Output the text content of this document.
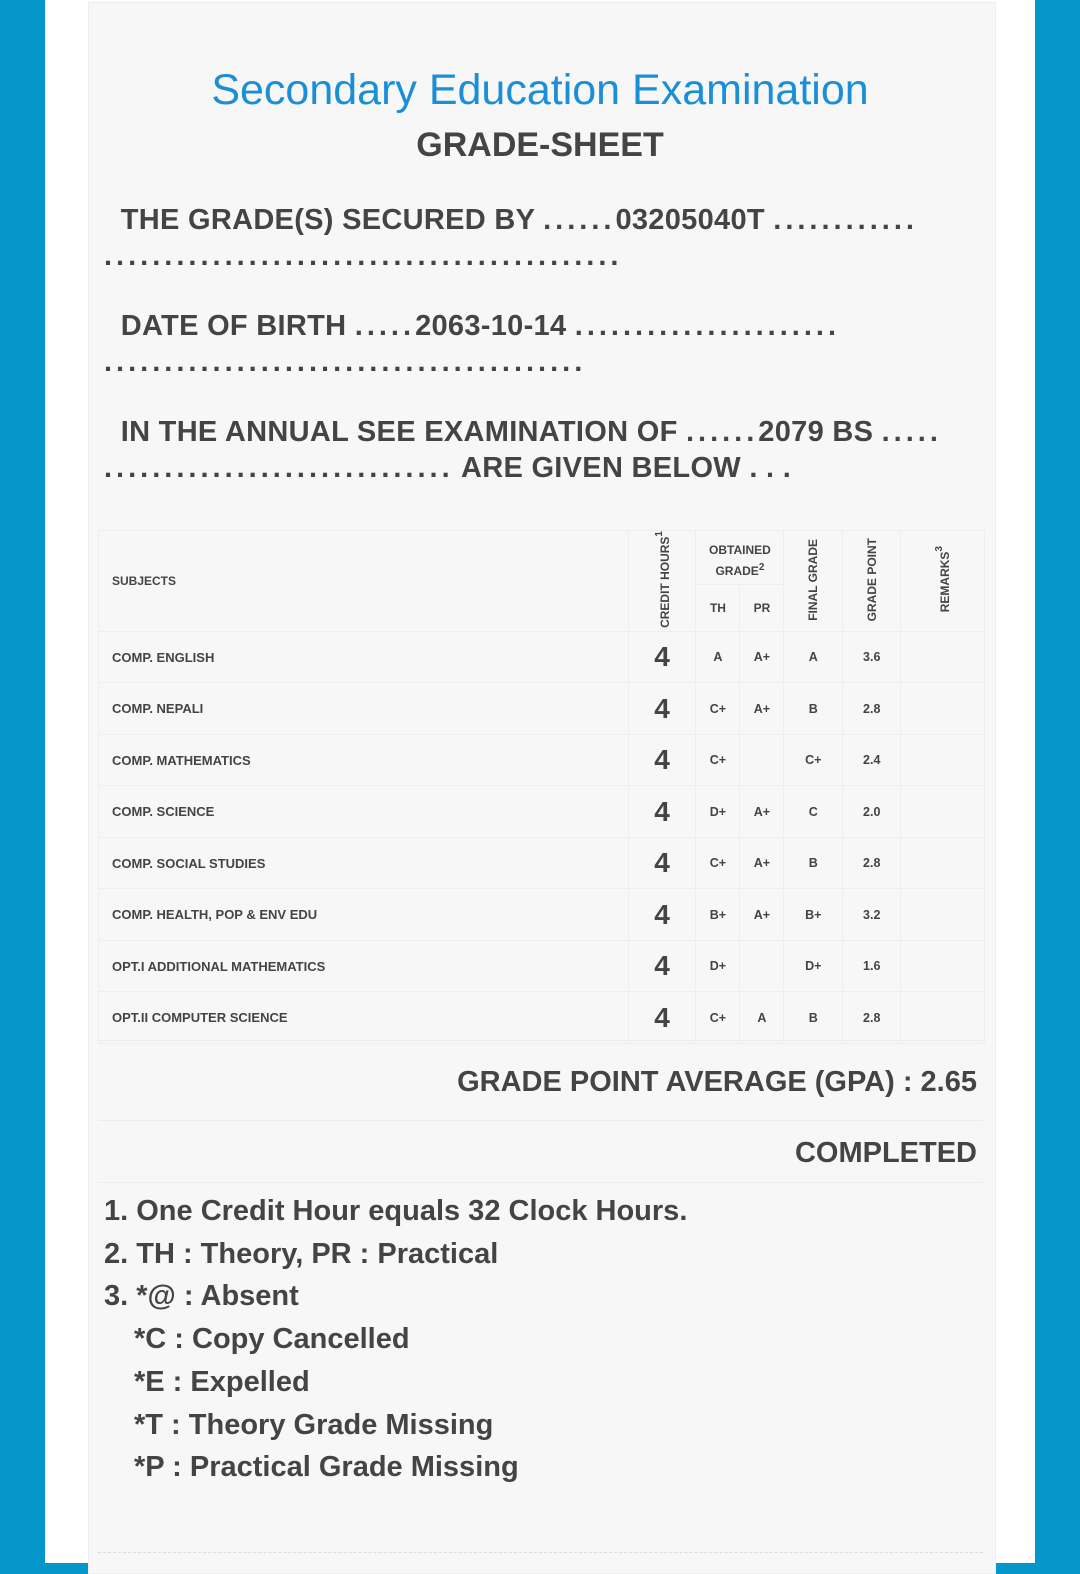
Secondary Education Examination
GRADE-SHEET
THE GRADE(S) SECURED BY ......03205040T ............ ...........................................
DATE OF BIRTH .....2063-10-14 ...................... ........................................
IN THE ANNUAL SEE EXAMINATION OF ......2079 BS ..... ............................. ARE GIVEN BELOW . . .
SUBJECTS	CREDIT HOURS$^1$	OBTAINED GRADE$^2$		FINAL GRADE	GRADE POINT	REMARKS$^3$
		TH	PR			
COMP. ENGLISH	4	A	A+	A	3.6	
COMP. NEPALI	4	C+	A+	B	2.8	
COMP. MATHEMATICS	4	C+		C+	2.4	
COMP. SCIENCE	4	D+	A+	C	2.0	
COMP. SOCIAL STUDIES	4	C+	A+	B	2.8	
COMP. HEALTH, POP & ENV EDU	4	B+	A+	B+	3.2	
OPT.I ADDITIONAL MATHEMATICS	4	D+		D+	1.6	
OPT.II COMPUTER SCIENCE	4	C+	A	B	2.8	
GRADE POINT AVERAGE (GPA) : 2.65
COMPLETED
1. One Credit Hour equals 32 Clock Hours.
2. TH : Theory, PR : Practical
3. *@ : Absent
*C : Copy Cancelled
*E : Expelled
*T : Theory Grade Missing
*P : Practical Grade Missing
